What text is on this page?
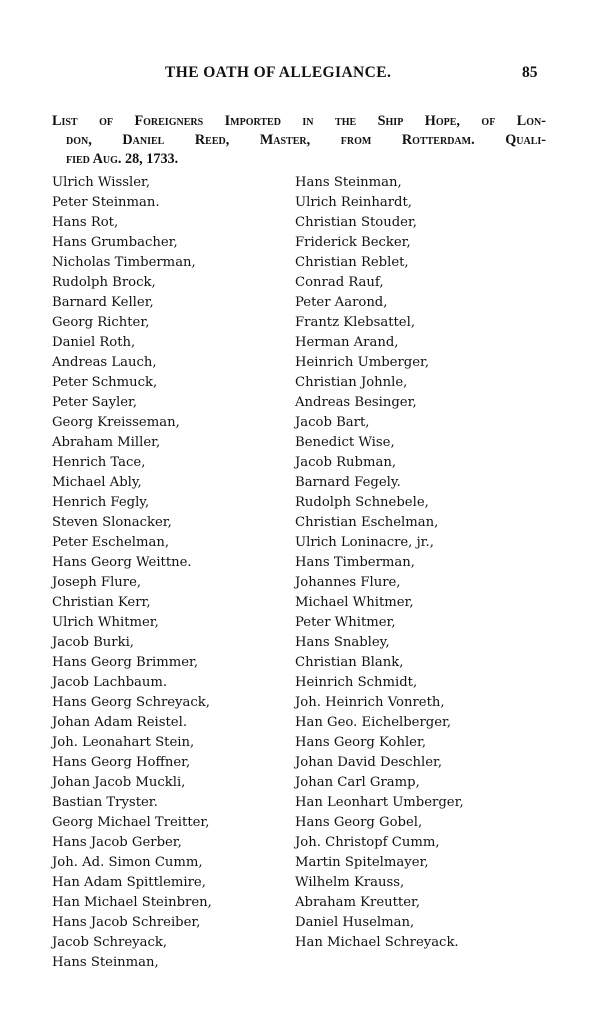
THE OATH OF ALLEGIANCE.	85
List of Foreigners Imported in the Ship Hope, of Lon-
don, Daniel Reed, Master, from Rotterdam. Quali-
fied Aug. 28, 1733.
Ulrich Wissler,
Peter Steinman.
Hans Rot,
Hans Grumbacher,
Nicholas Timberman,
Rudolph Brock,
Barnard Keller,
Georg Richter,
Daniel Roth,
Andreas Lauch,
Peter Schmuck,
Peter Sayler,
Georg Kreisseman,
Abraham Miller,
Henrich Tace,
Michael Ably,
Henrich Fegly,
Steven Slonacker,
Peter Eschelman,
Hans Georg Weittne.
Joseph Flure,
Christian Kerr,
Ulrich Whitmer,
Jacob Burki,
Hans Georg Brimmer,
Jacob Lachbaum.
Hans Georg Schreyack,
Johan Adam Reistel.
Joh. Leonahart Stein,
Hans Georg Hoffner,
Johan Jacob Muckli,
Bastian Tryster.
Georg Michael Treitter,
Hans Jacob Gerber,
Joh. Ad. Simon Cumm,
Han Adam Spittlemire,
Han Michael Steinbren,
Hans Jacob Schreiber,
Jacob Schreyack,
Hans Steinman,
Hans Steinman,
Ulrich Reinhardt,
Christian Stouder,
Friderick Becker,
Christian Reblet,
Conrad Rauf,
Peter Aarond,
Frantz Klebsattel,
Herman Arand,
Heinrich Umberger,
Christian Johnle,
Andreas Besinger,
Jacob Bart,
Benedict Wise,
Jacob Rubman,
Barnard Fegely.
Rudolph Schnebele,
Christian Eschelman,
Ulrich Loninacre, jr.,
Hans Timberman,
Johannes Flure,
Michael Whitmer,
Peter Whitmer,
Hans Snabley,
Christian Blank,
Heinrich Schmidt,
Joh. Heinrich Vonreth,
Han Geo. Eichelberger,
Hans Georg Kohler,
Johan David Deschler,
Johan Carl Gramp,
Han Leonhart Umberger,
Hans Georg Gobel,
Joh. Christopf Cumm,
Martin Spitelmayer,
Wilhelm Krauss,
Abraham Kreutter,
Daniel Huselman,
Han Michael Schreyack.
